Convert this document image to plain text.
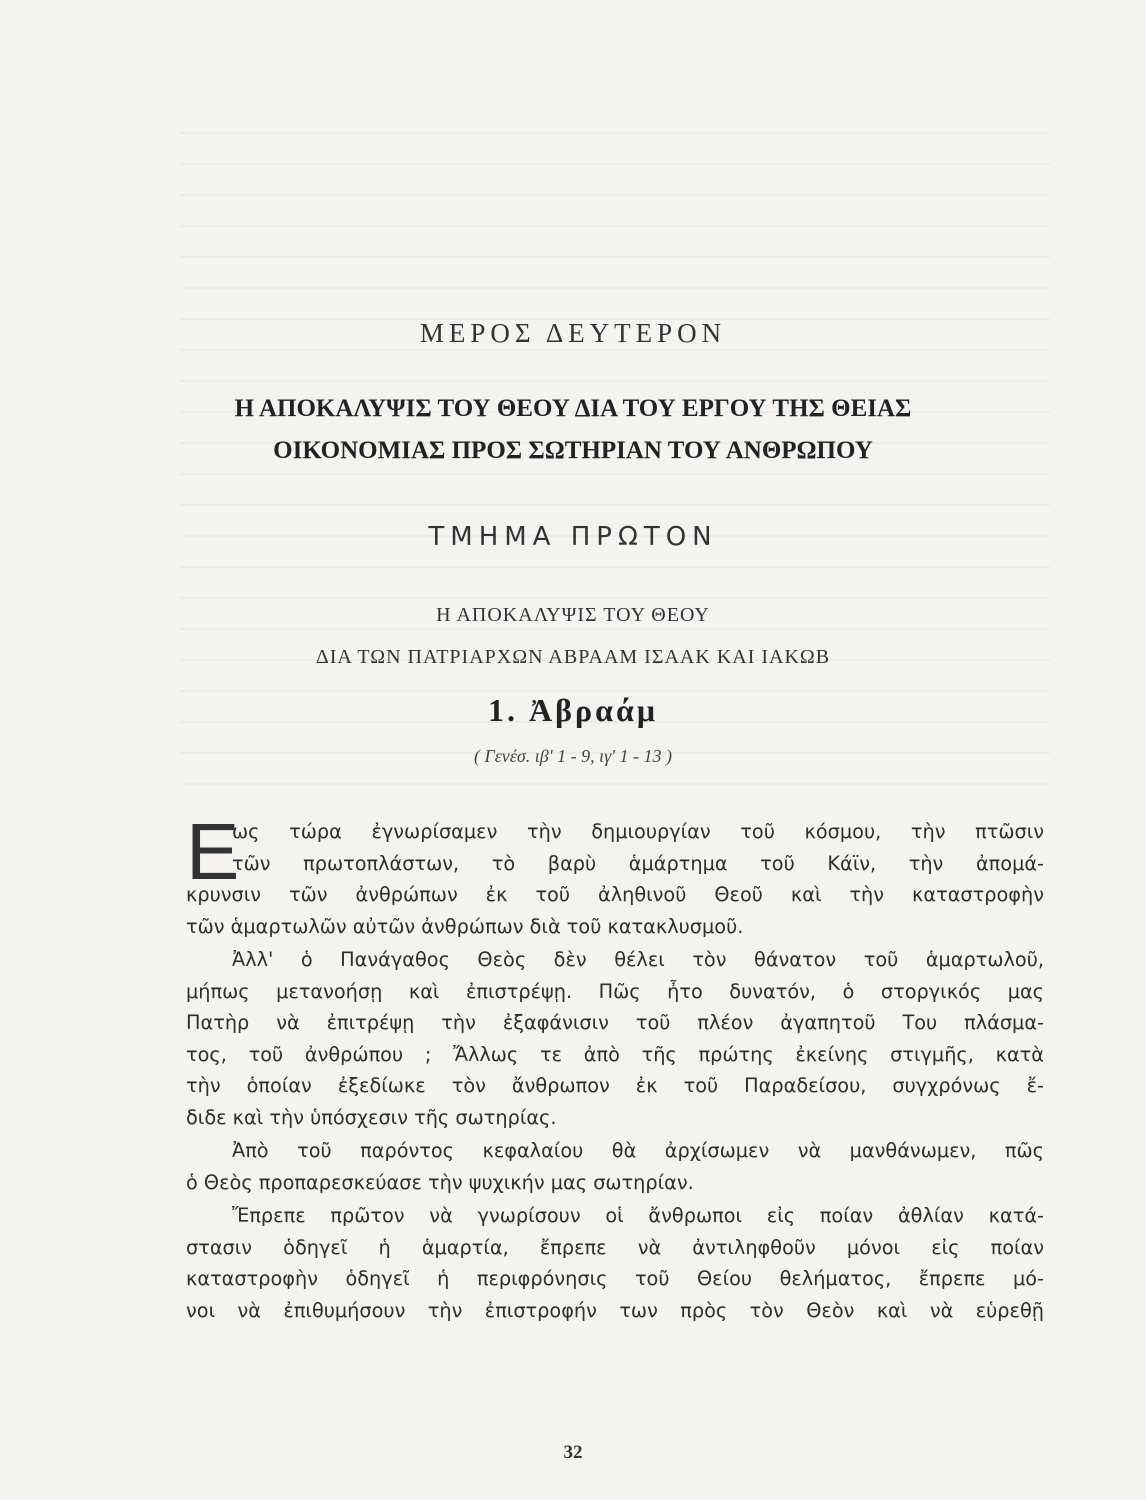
ΜΕΡΟΣ ΔΕΥΤΕΡΟΝ
Η ΑΠΟΚΑΛΥΨΙΣ ΤΟΥ ΘΕΟΥ ΔΙΑ ΤΟΥ ΕΡΓΟΥ ΤΗΣ ΘΕΙΑΣ
ΟΙΚΟΝΟΜΙΑΣ ΠΡΟΣ ΣΩΤΗΡΙΑΝ ΤΟΥ ΑΝΘΡΩΠΟΥ
ΤΜΗΜΑ ΠΡΩΤΟΝ
Η ΑΠΟΚΑΛΥΨΙΣ ΤΟΥ ΘΕΟΥ
ΔΙΑ ΤΩΝ ΠΑΤΡΙΑΡΧΩΝ ΑΒΡΑΑΜ ΙΣΑΑΚ ΚΑΙ ΙΑΚΩΒ
1. Ἀβραάμ
( Γενέσ. ιβ' 1 - 9, ιγ' 1 - 13 )
Ε
ως τώρα ἐγνωρίσαμεν τὴν δημιουργίαν τοῦ κόσμου, τὴν πτῶσιν
τῶν πρωτοπλάστων, τὸ βαρὺ ἁμάρτημα τοῦ Κάϊν, τὴν ἀπομά-
κρυνσιν τῶν ἀνθρώπων ἐκ τοῦ ἀληθινοῦ Θεοῦ καὶ τὴν καταστροφὴν
τῶν ἁμαρτωλῶν αὐτῶν ἀνθρώπων διὰ τοῦ κατακλυσμοῦ.
Ἀλλ' ὁ Πανάγαθος Θεὸς δὲν θέλει τὸν θάνατον τοῦ ἁμαρτωλοῦ,
μήπως μετανοήσῃ καὶ ἐπιστρέψῃ. Πῶς ἦτο δυνατόν, ὁ στοργικός μας
Πατὴρ νὰ ἐπιτρέψῃ τὴν ἐξαφάνισιν τοῦ πλέον ἀγαπητοῦ Του πλάσμα-
τος, τοῦ ἀνθρώπου ; Ἄλλως τε ἀπὸ τῆς πρώτης ἐκείνης στιγμῆς, κατὰ
τὴν ὁποίαν ἐξεδίωκε τὸν ἄνθρωπον ἐκ τοῦ Παραδείσου, συγχρόνως ἔ-
διδε καὶ τὴν ὑπόσχεσιν τῆς σωτηρίας.
Ἀπὸ τοῦ παρόντος κεφαλαίου θὰ ἀρχίσωμεν νὰ μανθάνωμεν, πῶς
ὁ Θεὸς προπαρεσκεύασε τὴν ψυχικήν μας σωτηρίαν.
Ἔπρεπε πρῶτον νὰ γνωρίσουν οἱ ἄνθρωποι εἰς ποίαν ἀθλίαν κατά-
στασιν ὁδηγεῖ ἡ ἁμαρτία, ἔπρεπε νὰ ἀντιληφθοῦν μόνοι εἰς ποίαν
καταστροφὴν ὁδηγεῖ ἡ περιφρόνησις τοῦ Θείου θελήματος, ἔπρεπε μό-
νοι νὰ ἐπιθυμήσουν τὴν ἐπιστροφήν των πρὸς τὸν Θεὸν καὶ νὰ εὑρεθῇ
32
